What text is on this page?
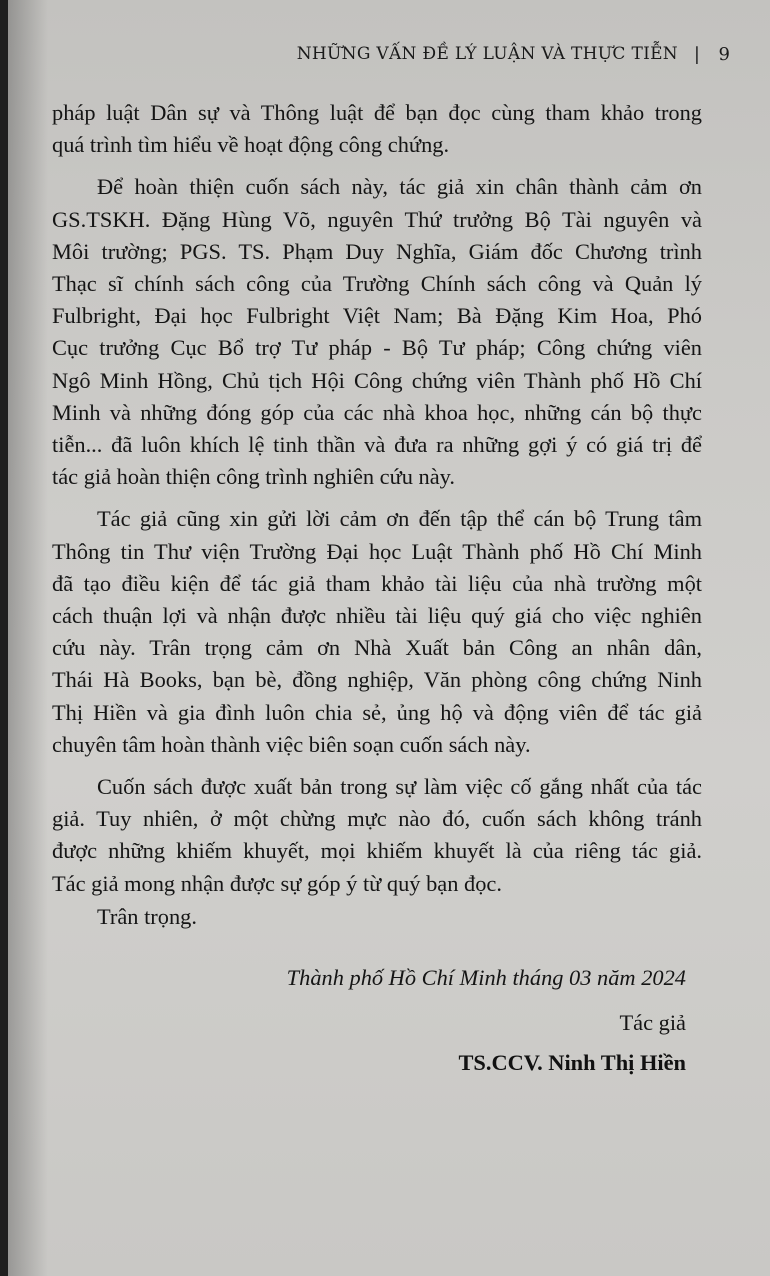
NHỮNG VẤN ĐỀ LÝ LUẬN VÀ THỰC TIỄN | 9
pháp luật Dân sự và Thông luật để bạn đọc cùng tham khảo trong
quá trình tìm hiểu về hoạt động công chứng.
Để hoàn thiện cuốn sách này, tác giả xin chân thành cảm ơn
GS.TSKH. Đặng Hùng Võ, nguyên Thứ trưởng Bộ Tài nguyên và
Môi trường; PGS. TS. Phạm Duy Nghĩa, Giám đốc Chương trình
Thạc sĩ chính sách công của Trường Chính sách công và Quản lý
Fulbright, Đại học Fulbright Việt Nam; Bà Đặng Kim Hoa, Phó
Cục trưởng Cục Bổ trợ Tư pháp - Bộ Tư pháp; Công chứng viên
Ngô Minh Hồng, Chủ tịch Hội Công chứng viên Thành phố Hồ Chí
Minh và những đóng góp của các nhà khoa học, những cán bộ thực
tiễn... đã luôn khích lệ tinh thần và đưa ra những gợi ý có giá trị để
tác giả hoàn thiện công trình nghiên cứu này.
Tác giả cũng xin gửi lời cảm ơn đến tập thể cán bộ Trung tâm
Thông tin Thư viện Trường Đại học Luật Thành phố Hồ Chí Minh
đã tạo điều kiện để tác giả tham khảo tài liệu của nhà trường một
cách thuận lợi và nhận được nhiều tài liệu quý giá cho việc nghiên
cứu này. Trân trọng cảm ơn Nhà Xuất bản Công an nhân dân,
Thái Hà Books, bạn bè, đồng nghiệp, Văn phòng công chứng Ninh
Thị Hiền và gia đình luôn chia sẻ, ủng hộ và động viên để tác giả
chuyên tâm hoàn thành việc biên soạn cuốn sách này.
Cuốn sách được xuất bản trong sự làm việc cố gắng nhất của tác
giả. Tuy nhiên, ở một chừng mực nào đó, cuốn sách không tránh
được những khiếm khuyết, mọi khiếm khuyết là của riêng tác giả.
Tác giả mong nhận được sự góp ý từ quý bạn đọc.
Trân trọng.
Thành phố Hồ Chí Minh tháng 03 năm 2024
Tác giả
TS.CCV. Ninh Thị Hiền
